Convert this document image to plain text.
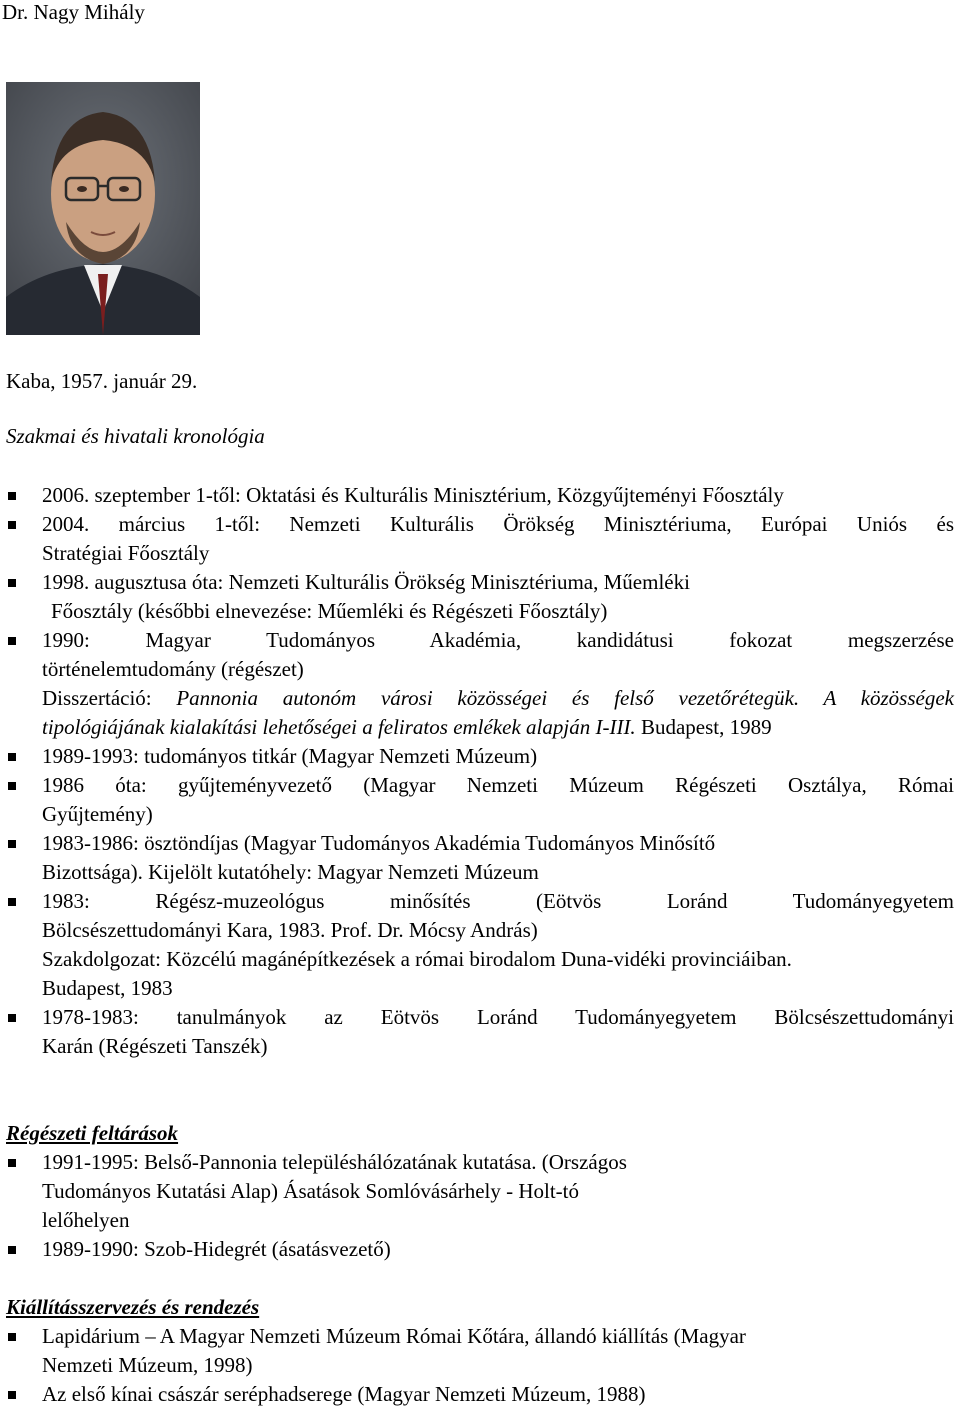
Dr. Nagy Mihály
Kaba, 1957. január 29.
Szakmai és hivatali kronológia
2006. szeptember 1-től: Oktatási és Kulturális Minisztérium, Közgyűjteményi Főosztály
2004. március 1-től: Nemzeti Kulturális Örökség Minisztériuma, Európai Uniós és
Stratégiai Főosztály
1998. augusztusa óta: Nemzeti Kulturális Örökség Minisztériuma, Műemléki
Főosztály (későbbi elnevezése: Műemléki és Régészeti Főosztály)
1990: Magyar Tudományos Akadémia, kandidátusi fokozat megszerzése
történelemtudomány (régészet)
Disszertáció: Pannonia autonóm városi közösségei és felső vezetőrétegük. A közösségek
tipológiájának kialakítási lehetőségei a feliratos emlékek alapján I-III. Budapest, 1989
1989-1993: tudományos titkár (Magyar Nemzeti Múzeum)
1986 óta: gyűjteményvezető (Magyar Nemzeti Múzeum Régészeti Osztálya, Római
Gyűjtemény)
1983-1986: ösztöndíjas (Magyar Tudományos Akadémia Tudományos Minősítő
Bizottsága). Kijelölt kutatóhely: Magyar Nemzeti Múzeum
1983: Régész-muzeológus minősítés (Eötvös Loránd Tudományegyetem
Bölcsészettudományi Kara, 1983. Prof. Dr. Mócsy András)
Szakdolgozat: Közcélú magánépítkezések a római birodalom Duna-vidéki provinciáiban.
Budapest, 1983
1978-1983: tanulmányok az Eötvös Loránd Tudományegyetem Bölcsészettudományi
Karán (Régészeti Tanszék)
Régészeti feltárások
1991-1995: Belső-Pannonia településhálózatának kutatása. (Országos
Tudományos Kutatási Alap) Ásatások Somlóvásárhely - Holt-tó
lelőhelyen
1989-1990: Szob-Hidegrét (ásatásvezető)
Kiállításszervezés és rendezés
Lapidárium – A Magyar Nemzeti Múzeum Római Kőtára, állandó kiállítás (Magyar
Nemzeti Múzeum, 1998)
Az első kínai császár seréphadserege (Magyar Nemzeti Múzeum, 1988)
